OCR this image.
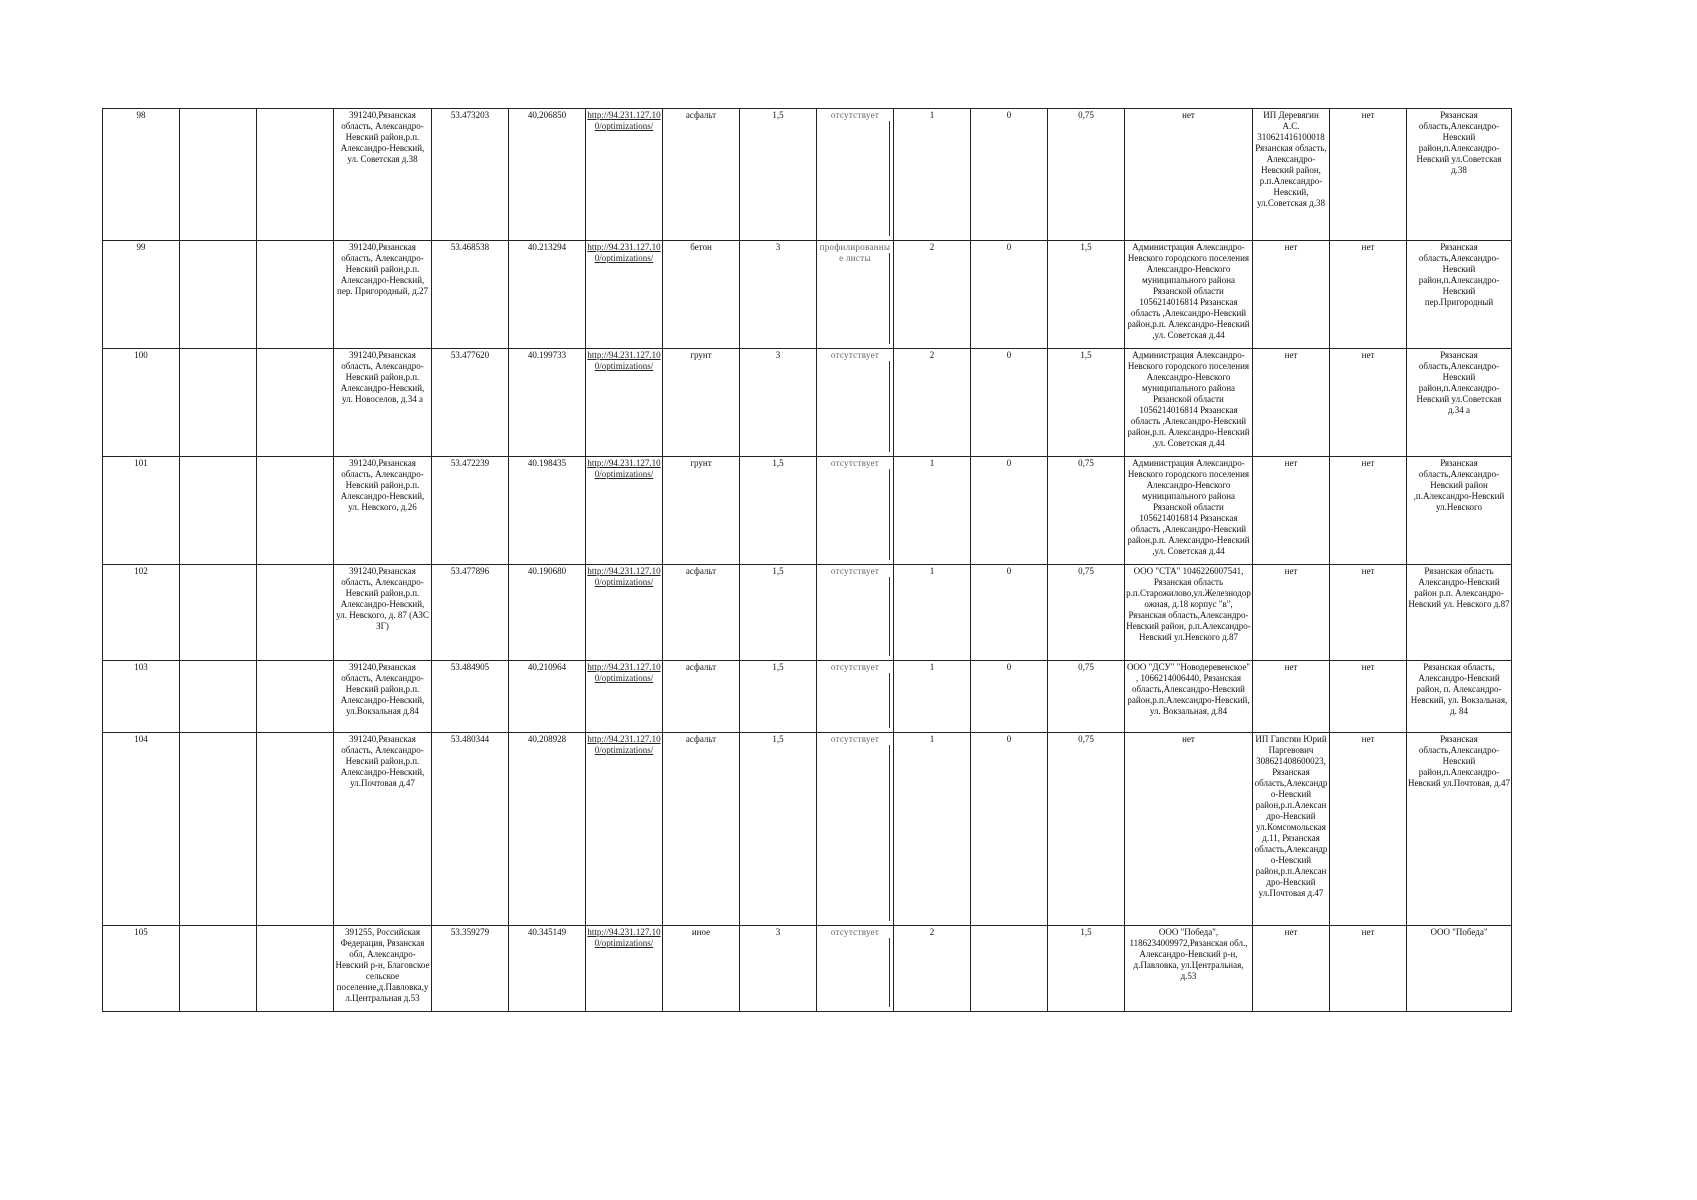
98			391240,Рязанская область, Александро-Невский район,р.п. Александро-Невский, ул. Советская д.38	53.473203	40.206850	http://94.231.127.100/optimizations/	асфальт	1,5	отсутствует	1	0	0,75	нет	ИП Деревягин А.С. 310621416100018 Рязанская область, Александро-Невский район, р.п.Александро-Невский, ул.Советская д.38	нет	Рязанская область,Александро-Невский район,п.Александро-Невский ул.Советская д.38
99			391240,Рязанская область, Александро-Невский район,р.п. Александро-Невский, пер. Пригородный, д.27	53.468538	40.213294	http://94.231.127.100/optimizations/	бетон	3	профилированные листы	2	0	1,5	Администрация Александро-Невского городского поселения Александро-Невского муниципального района Рязанской области 1056214016814 Рязанская область ,Александро-Невский район,р.п. Александро-Невский ,ул. Советская д.44	нет	нет	Рязанская область,Александро-Невский район,п.Александро-Невский пер.Пригородный
100			391240,Рязанская область, Александро-Невский район,р.п. Александро-Невский, ул. Новоселов, д.34 а	53.477620	40.199733	http://94.231.127.100/optimizations/	грунт	3	отсутствует	2	0	1,5	Администрация Александро-Невского городского поселения Александро-Невского муниципального района Рязанской области 1056214016814 Рязанская область ,Александро-Невский район,р.п. Александро-Невский ,ул. Советская д.44	нет	нет	Рязанская область,Александро-Невский район,п.Александро-Невский ул.Советская д.34 а
101			391240,Рязанская область, Александро-Невский район,р.п. Александро-Невский, ул. Невского, д.26	53.472239	40.198435	http://94.231.127.100/optimizations/	грунт	1,5	отсутствует	1	0	0,75	Администрация Александро-Невского городского поселения Александро-Невского муниципального района Рязанской области 1056214016814 Рязанская область ,Александро-Невский район,р.п. Александро-Невский ,ул. Советская д.44	нет	нет	Рязанская область,Александро-Невский район ,п.Александро-Невский ул.Невского
102			391240,Рязанская область, Александро-Невский район,р.п. Александро-Невский, ул. Невского, д. 87 (АЗС ЗГ)	53.477896	40.190680	http://94.231.127.100/optimizations/	асфальт	1,5	отсутствует	1	0	0,75	ООО "СТА" 1046226007541, Рязанская область р.п.Старожилово,ул.Железнодорожная, д.18 корпус "в", Рязанская область,Александро-Невский район, р.п.Александро-Невский ул.Невского д.87	нет	нет	Рязанская область Александро-Невский район р.п. Александро-Невский ул. Невского д.87
103			391240,Рязанская область, Александро-Невский район,р.п. Александро-Невский, ул.Вокзальная д.84	53.484905	40.210964	http://94.231.127.100/optimizations/	асфальт	1,5	отсутствует	1	0	0,75	ООО "ДСУ" "Новодеревенское" , 1066214006440, Рязанская область,Александро-Невский район,р.п.Александро-Невский, ул. Вокзальная, д.84	нет	нет	Рязанская область, Александро-Невский район, п. Александро-Невский, ул. Вокзальная, д. 84
104			391240,Рязанская область, Александро-Невский район,р.п. Александро-Невский, ул.Почтовая д.47	53.480344	40.208928	http://94.231.127.100/optimizations/	асфальт	1,5	отсутствует	1	0	0,75	нет	ИП Гапстян Юрий Паргевович 308621408600023, Рязанская область,Александро-Невский район,р.п.Александро-Невский ул.Комсомольская д.11, Рязанская область,Александро-Невский район,р.п.Александро-Невский ул.Почтовая д.47	нет	Рязанская область,Александро-Невский район,п.Александро-Невский ул.Почтовая, д.47
105			391255, Российская Федерация, Рязанская обл, Александро-Невский р-н, Благовское сельское поселение,д.Павловка,ул.Центральная д.53	53.359279	40.345149	http://94.231.127.100/optimizations/	иное	3	отсутствует	2		1,5	ООО "Победа", 1186234009972,Рязанская обл., Александро-Невский р-н, д.Павловка, ул.Центральная, д.53	нет	нет	ООО "Победа"
